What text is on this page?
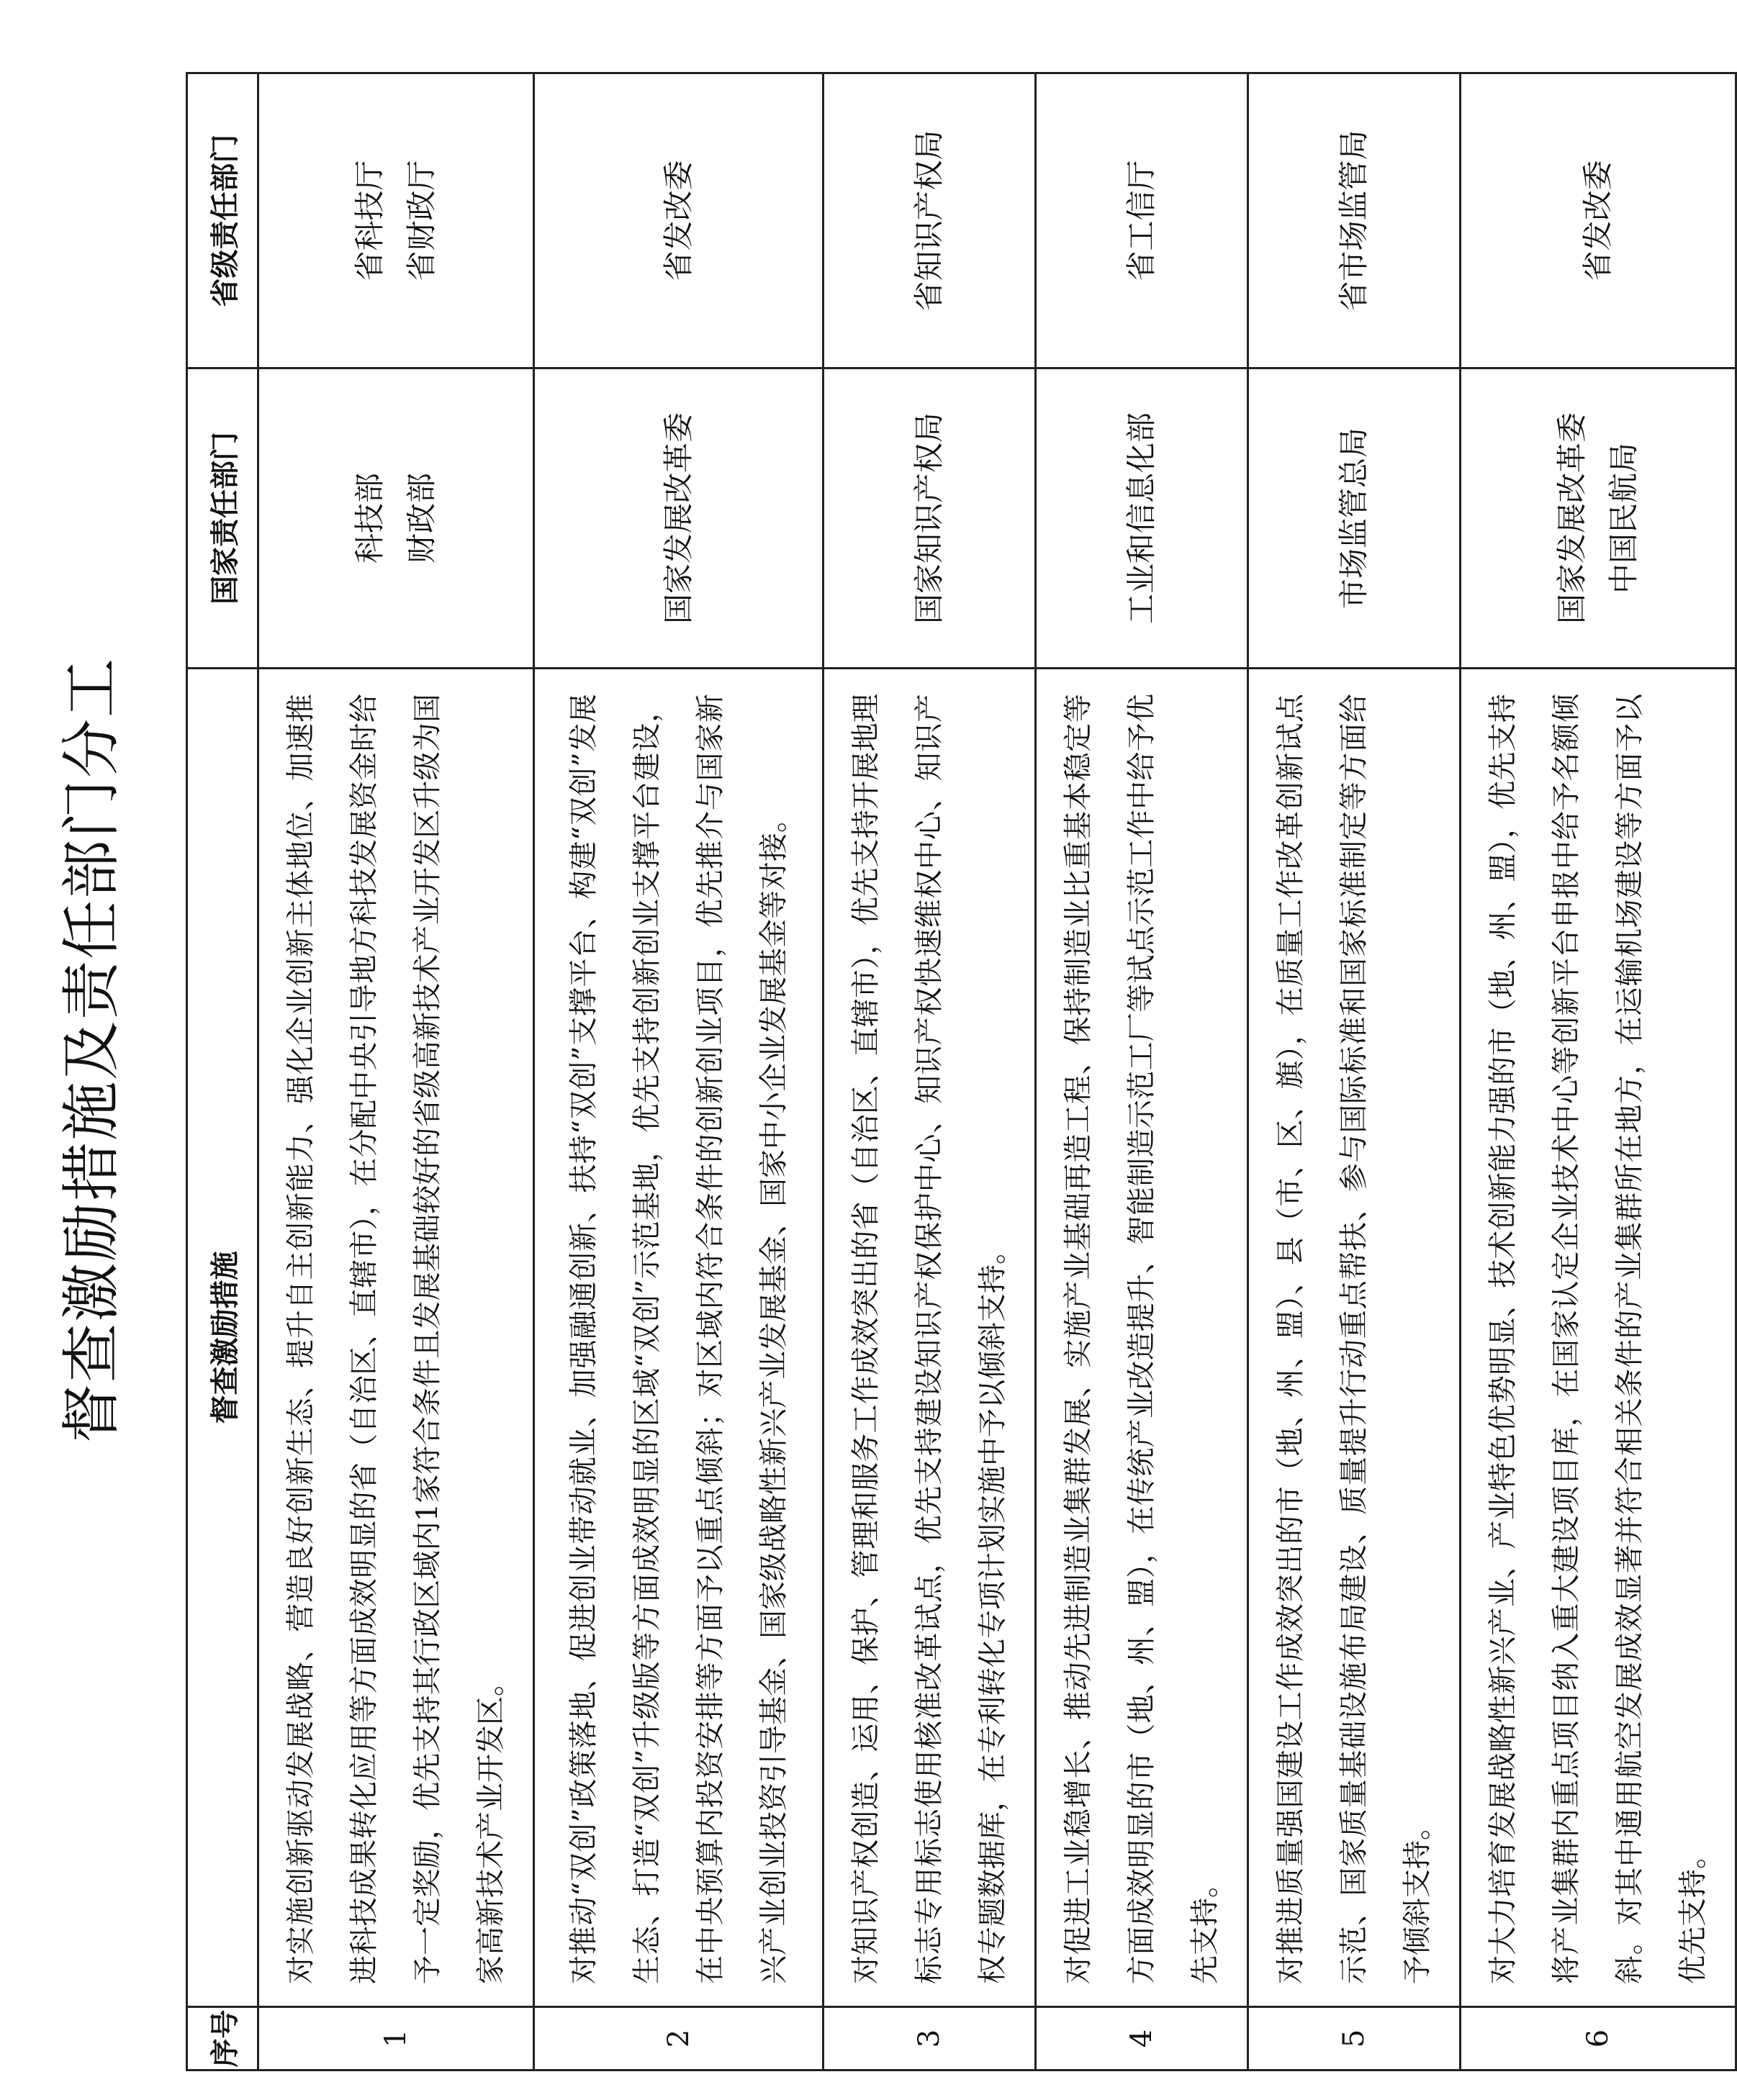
督查激励措施及责任部门分工
序号	督查激励措施	国家责任部门	省级责任部门
1	对实施创新驱动发展战略、营造良好创新生态、提升自主创新能力、强化企业创新主体地位、加速推进科技成果转化应用等方面成效明显的省（自治区、直辖市），在分配中央引导地方科技发展资金时给予一定奖励，优先支持其行政区域内1家符合条件且发展基础较好的省级高新技术产业开发区升级为国家高新技术产业开发区。	科技部 财政部	省科技厅 省财政厅

2	对推动“双创”政策落地、促进创业带动就业、加强融通创新、扶持“双创”支撑平台、构建“双创”发展生态、打造“双创”升级版等方面成效明显的区域“双创”示范基地，优先支持创新创业支撑平台建设，在中央预算内投资安排等方面予以重点倾斜；对区域内符合条件的创新创业项目，优先推介与国家新兴产业创业投资引导基金、国家级战略性新兴产业发展基金、国家中小企业发展基金等对接。	国家发展改革委	省发改委

3	对知识产权创造、运用、保护、管理和服务工作成效突出的省（自治区、直辖市），优先支持开展地理标志专用标志使用核准改革试点，优先支持建设知识产权保护中心、知识产权快速维权中心、知识产权专题数据库，在专利转化专项计划实施中予以倾斜支持。	国家知识产权局	省知识产权局

4	对促进工业稳增长、推动先进制造业集群发展、实施产业基础再造工程、保持制造业比重基本稳定等方面成效明显的市（地、州、盟），在传统产业改造提升、智能制造示范工厂等试点示范工作中给予优先支持。	工业和信息化部	省工信厅

5	对推进质量强国建设工作成效突出的市（地、州、盟）、县（市、区、旗），在质量工作改革创新试点示范、国家质量基础设施布局建设、质量提升行动重点帮扶、参与国际标准和国家标准制定等方面给予倾斜支持。	市场监管总局	省市场监管局

6	对大力培育发展战略性新兴产业、产业特色优势明显、技术创新能力强的市（地、州、盟），优先支持将产业集群内重点项目纳入重大建设项目库，在国家认定企业技术中心等创新平台申报中给予名额倾斜。对其中通用航空发展成效显著并符合相关条件的产业集群所在地方，在运输机场建设等方面予以优先支持。	国家发展改革委 中国民航局	省发改委
